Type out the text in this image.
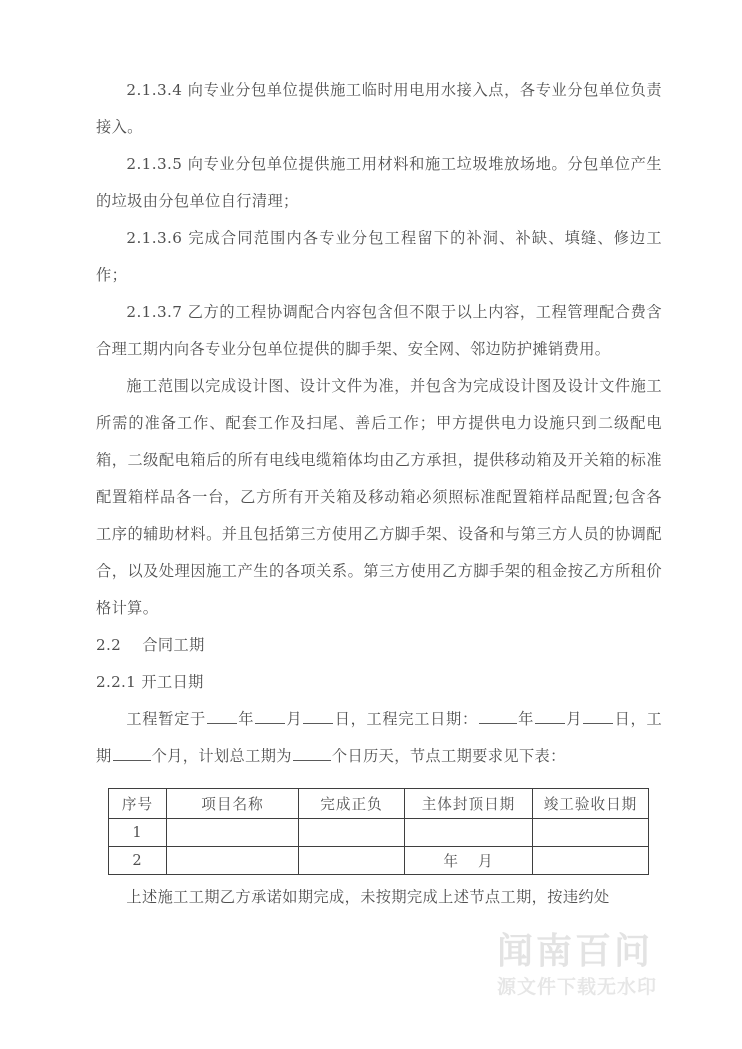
2.1.3.4 向专业分包单位提供施工临时用电用水接入点，各专业分包单位负责接入。

2.1.3.5 向专业分包单位提供施工用材料和施工垃圾堆放场地。分包单位产生的垃圾由分包单位自行清理；

2.1.3.6 完成合同范围内各专业分包工程留下的补洞、补缺、填缝、修边工作；

2.1.3.7 乙方的工程协调配合内容包含但不限于以上内容，工程管理配合费含合理工期内向各专业分包单位提供的脚手架、安全网、邻边防护摊销费用。

施工范围以完成设计图、设计文件为准，并包含为完成设计图及设计文件施工所需的准备工作、配套工作及扫尾、善后工作；甲方提供电力设施只到二级配电箱，二级配电箱后的所有电线电缆箱体均由乙方承担，提供移动箱及开关箱的标准配置箱样品各一台，乙方所有开关箱及移动箱必须照标准配置箱样品配置;包含各工序的辅助材料。并且包括第三方使用乙方脚手架、设备和与第三方人员的协调配合，以及处理因施工产生的各项关系。第三方使用乙方脚手架的租金按乙方所租价格计算。

2.2 合同工期

2.2.1 开工日期

工程暂定于 年 月 日，工程完工日期：	年 月 日，工期	个月，计划总工期为	个日历天，节点工期要求见下表：

序号	项目名称	完成正负	主体封顶日期	竣工验收日期
1				
2			年 月	

上述施工工期乙方承诺如期完成，未按期完成上述节点工期，按违约处

闻南百问
源文件下载无水印
